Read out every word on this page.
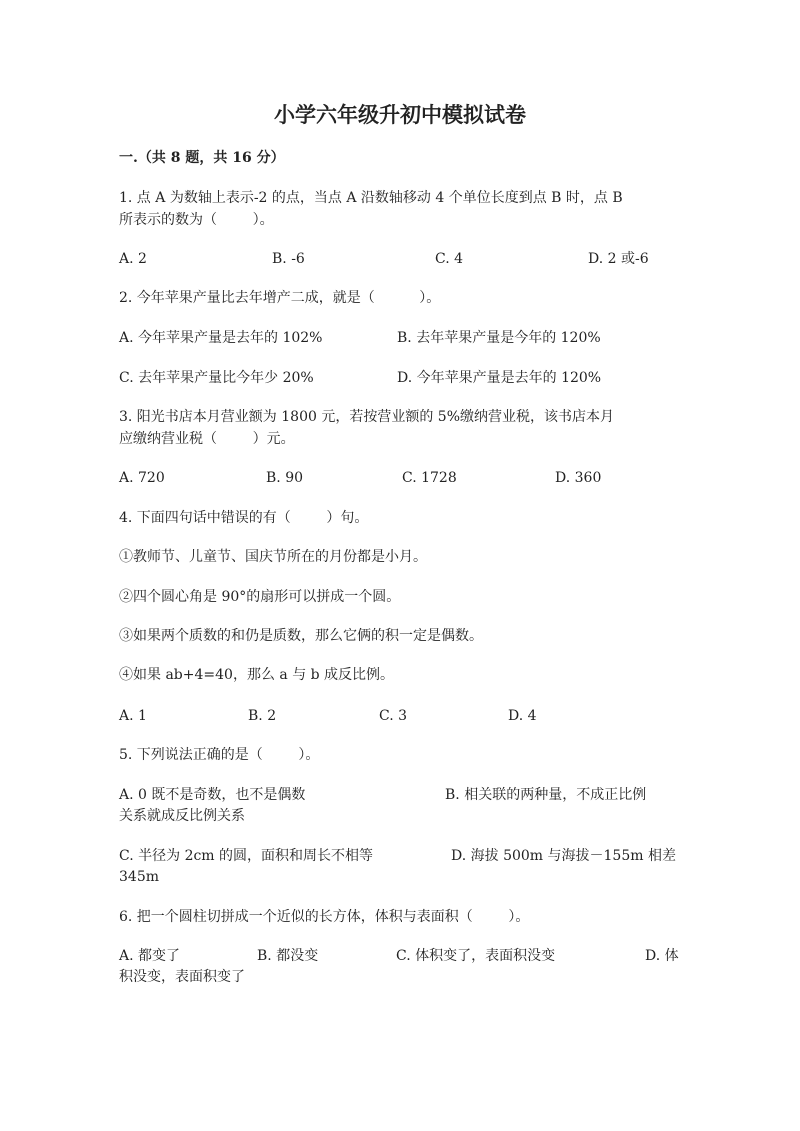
小学六年级升初中模拟试卷
一.（共 8 题，共 16 分）
1. 点 A 为数轴上表示-2 的点，当点 A 沿数轴移动 4 个单位长度到点 B 时，点 B
所表示的数为（        ）。
A. 2	B. -6	C. 4	D. 2 或-6
2. 今年苹果产量比去年增产二成，就是（          ）。
A. 今年苹果产量是去年的 102%	B. 去年苹果产量是今年的 120%
C. 去年苹果产量比今年少 20%	D. 今年苹果产量是去年的 120%
3. 阳光书店本月营业额为 1800 元，若按营业额的 5%缴纳营业税，该书店本月
应缴纳营业税（        ）元。
A. 720	B. 90	C. 1728	D. 360
4. 下面四句话中错误的有（        ）句。
①教师节、儿童节、国庆节所在的月份都是小月。
②四个圆心角是 90°的扇形可以拼成一个圆。
③如果两个质数的和仍是质数，那么它俩的积一定是偶数。
④如果 ab+4=40，那么 a 与 b 成反比例。
A. 1	B. 2	C. 3	D. 4
5. 下列说法正确的是（        ）。
A. 0 既不是奇数，也不是偶数	B. 相关联的两种量，不成正比例
关系就成反比例关系
C. 半径为 2cm 的圆，面积和周长不相等	D. 海拔 500m 与海拔－155m 相差
345m
6. 把一个圆柱切拼成一个近似的长方体，体积与表面积（        ）。
A. 都变了	B. 都没变	C. 体积变了，表面积没变	D. 体
积没变，表面积变了
